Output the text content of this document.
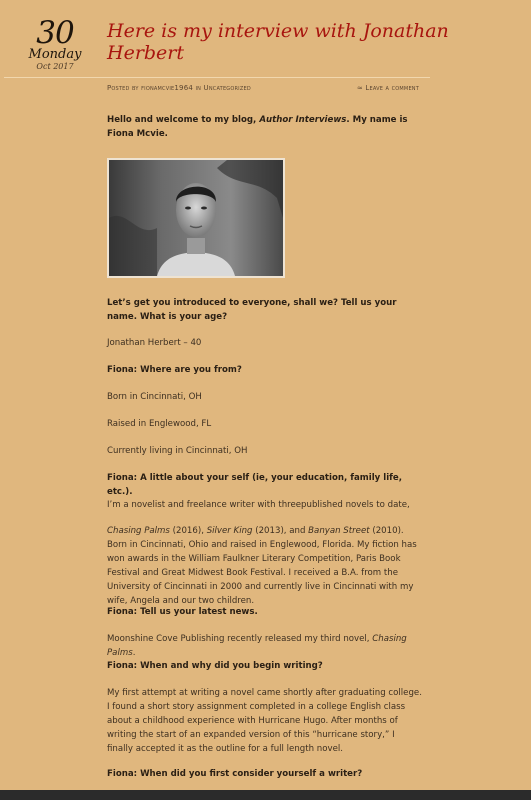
30
Monday
Oct 2017
Here is my interview with Jonathan Herbert
Posted by fionamcvie1964 in Uncategorized	≈ Leave a comment

Hello and welcome to my blog, Author Interviews. My name is Fiona Mcvie.

Let’s get you introduced to everyone, shall we? Tell us your name. What is your age?

Jonathan Herbert – 40

Fiona: Where are you from?

Born in Cincinnati, OH

Raised in Englewood, FL

Currently living in Cincinnati, OH

Fiona: A little about your self (ie, your education, family life, etc.).

I’m a novelist and freelance writer with threepublished novels to date,

Chasing Palms (2016), Silver King (2013), and Banyan Street (2010). Born in Cincinnati, Ohio and raised in Englewood, Florida. My fiction has won awards in the William Faulkner Literary Competition, Paris Book Festival and Great Midwest Book Festival. I received a B.A. from the University of Cincinnati in 2000 and currently live in Cincinnati with my wife, Angela and our two children.

Fiona: Tell us your latest news.

Moonshine Cove Publishing recently released my third novel, Chasing Palms.

Fiona: When and why did you begin writing?

My first attempt at writing a novel came shortly after graduating college. I found a short story assignment completed in a college English class about a childhood experience with Hurricane Hugo. After months of writing the start of an expanded version of this “hurricane story,” I finally accepted it as the outline for a full length novel.

Fiona: When did you first consider yourself a writer?
